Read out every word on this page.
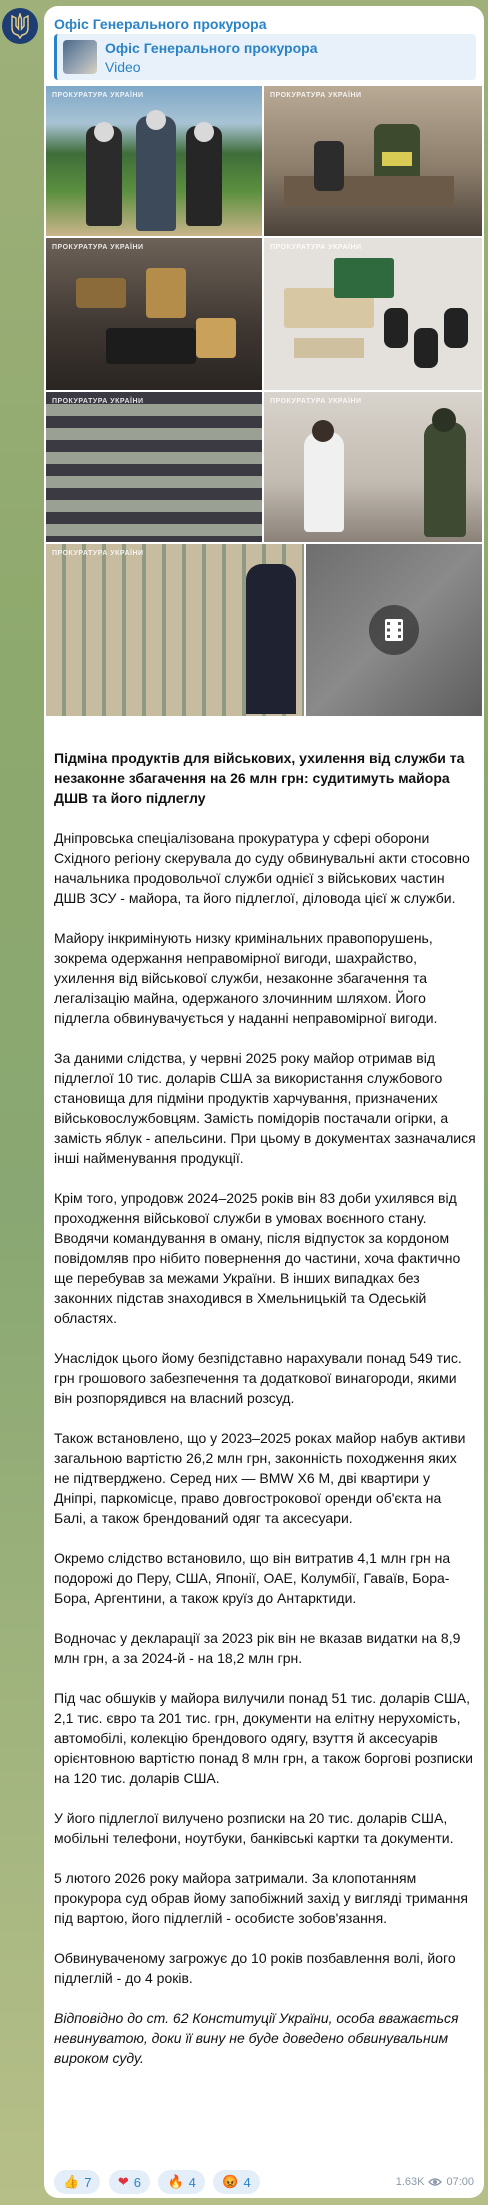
Офіс Генерального прокурора
Офіс Генерального прокурора
Video
ПРОКУРАТУРА УКРАЇНИ	ПРОКУРАТУРА УКРАЇНИ
ПРОКУРАТУРА УКРАЇНИ	ПРОКУРАТУРА УКРАЇНИ
ПРОКУРАТУРА УКРАЇНИ	ПРОКУРАТУРА УКРАЇНИ
ПРОКУРАТУРА УКРАЇНИ

Підміна продуктів для військових, ухилення від служби та незаконне збагачення на 26 млн грн: судитимуть майора ДШВ та його підлеглу

Дніпровська спеціалізована прокуратура у сфері оборони Східного регіону скерувала до суду обвинувальні акти стосовно начальника продовольчої служби однієї з військових частин ДШВ ЗСУ - майора, та його підлеглої, діловода цієї ж служби.

Майору інкримінують низку кримінальних правопорушень, зокрема одержання неправомірної вигоди, шахрайство, ухилення від військової служби, незаконне збагачення та легалізацію майна, одержаного злочинним шляхом. Його підлегла обвинувачується у наданні неправомірної вигоди.

За даними слідства, у червні 2025 року майор отримав від підлеглої 10 тис. доларів США за використання службового становища для підміни продуктів харчування, призначених військовослужбовцям. Замість помідорів постачали огірки, а замість яблук - апельсини. При цьому в документах зазначалися інші найменування продукції.

Крім того, упродовж 2024–2025 років він 83 доби ухилявся від проходження військової служби в умовах воєнного стану. Вводячи командування в оману, після відпусток за кордоном повідомляв про нібито повернення до частини, хоча фактично ще перебував за межами України. В інших випадках без законних підстав знаходився в Хмельницькій та Одеській областях.

Унаслідок цього йому безпідставно нарахували понад 549 тис. грн грошового забезпечення та додаткової винагороди, якими він розпорядився на власний розсуд.

Також встановлено, що у 2023–2025 роках майор набув активи загальною вартістю 26,2 млн грн, законність походження яких не підтверджено. Серед них — BMW X6 M, дві квартири у Дніпрі, паркомісце, право довгострокової оренди об'єкта на Балі, а також брендований одяг та аксесуари.

Окремо слідство встановило, що він витратив 4,1 млн грн на подорожі до Перу, США, Японії, ОАЕ, Колумбії, Гаваїв, Бора-Бора, Аргентини, а також круїз до Антарктиди.

Водночас у декларації за 2023 рік він не вказав видатки на 8,9 млн грн, а за 2024-й - на 18,2 млн грн.

Під час обшуків у майора вилучили понад 51 тис. доларів США, 2,1 тис. євро та 201 тис. грн, документи на елітну нерухомість, автомобілі, колекцію брендового одягу, взуття й аксесуарів орієнтовною вартістю понад 8 млн грн, а також боргові розписки на 120 тис. доларів США.

У його підлеглої вилучено розписки на 20 тис. доларів США, мобільні телефони, ноутбуки, банківські картки та документи.

5 лютого 2026 року майора затримали. За клопотанням прокурора суд обрав йому запобіжний захід у вигляді тримання під вартою, його підлеглій - особисте зобов'язання.

Обвинуваченому загрожує до 10 років позбавлення волі, його підлеглій - до 4 років.

Відповідно до ст. 62 Конституції України, особа вважається невинуватою, доки її вину не буде доведено обвинувальним вироком суду.

👍 7
❤ 6
🔥 4
😡 4	1.63K 07:00
